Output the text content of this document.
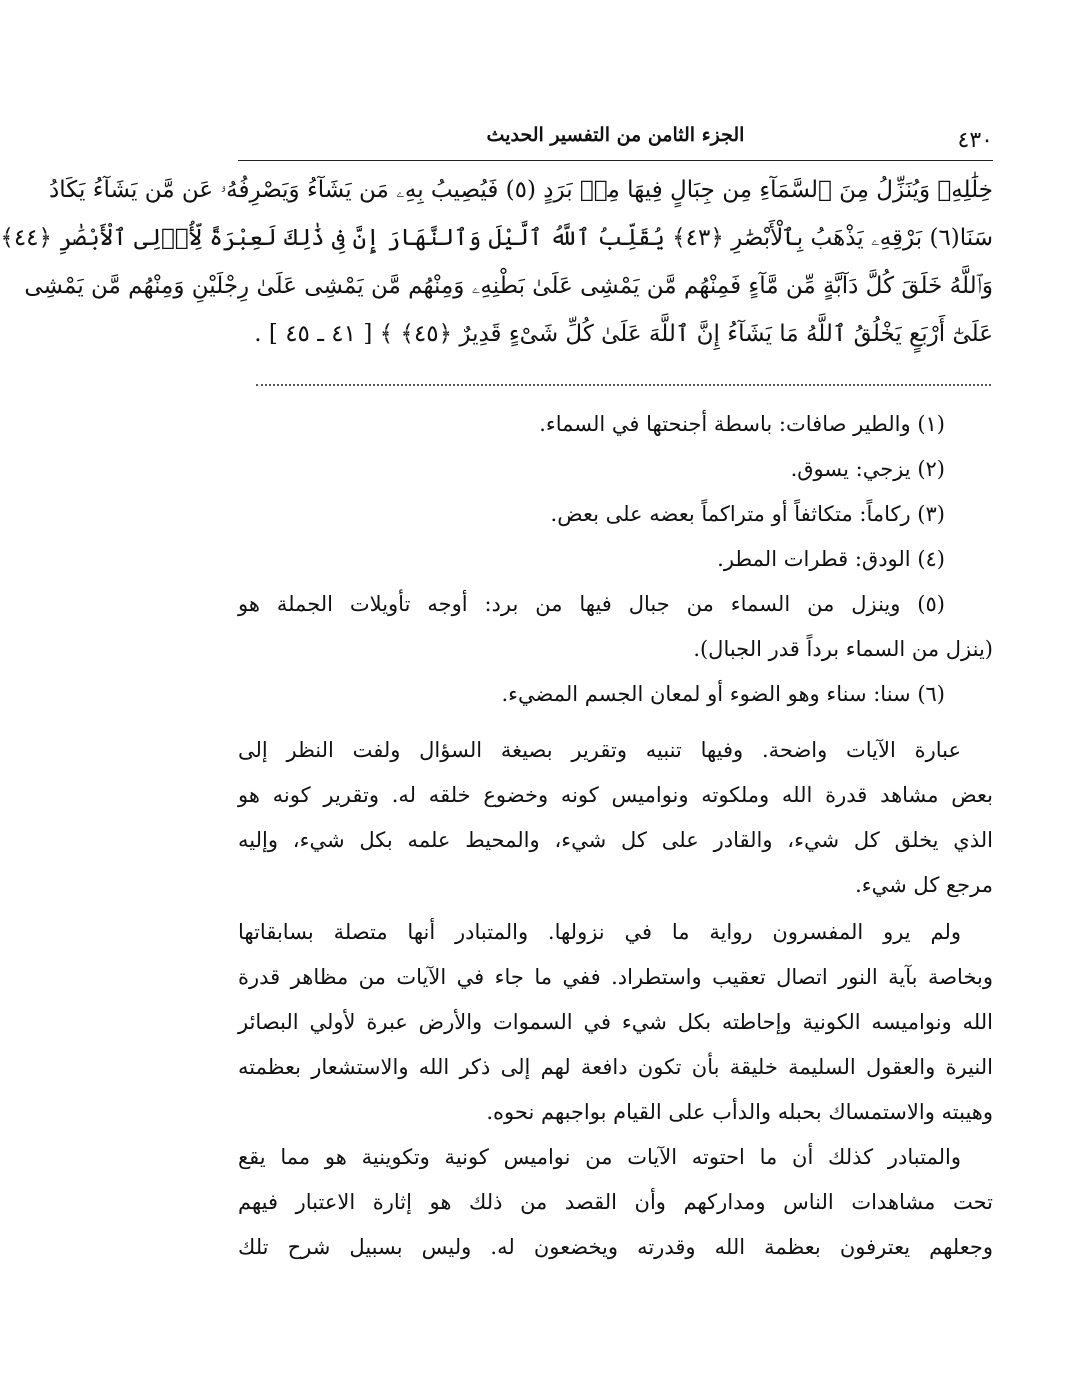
٤٣٠
الجزء الثامن من التفسير الحديث
خِلَٰلِهِۦ وَيُنَزِّلُ مِنَ ٱلسَّمَآءِ مِن جِبَالٍ فِيهَا مِنۢ بَرَدٍ (٥) فَيُصِيبُ بِهِۦ مَن يَشَآءُ وَيَصْرِفُهُۥ عَن مَّن يَشَآءُ يَكَادُ
سَنَا(٦) بَرْقِهِۦ يَذْهَبُ بِٱلْأَبْصَٰرِ ﴿٤٣﴾ يُقَلِّبُ ٱللَّهُ ٱلَّيْلَ وَٱلنَّهَارَ إِنَّ فِى ذَٰلِكَ لَعِبْرَةً لِّأُو۟لِى ٱلْأَبْصَٰرِ ﴿٤٤﴾
وَٱللَّهُ خَلَقَ كُلَّ دَآبَّةٍ مِّن مَّآءٍ فَمِنْهُم مَّن يَمْشِى عَلَىٰ بَطْنِهِۦ وَمِنْهُم مَّن يَمْشِى عَلَىٰ رِجْلَيْنِ وَمِنْهُم مَّن يَمْشِى
عَلَىٰٓ أَرْبَعٍ يَخْلُقُ ٱللَّهُ مَا يَشَآءُ إِنَّ ٱللَّهَ عَلَىٰ كُلِّ شَىْءٍ قَدِيرٌ ﴿٤٥﴾ ﴾ [ ٤١ ـ ٤٥ ] .
(١) والطير صافات: باسطة أجنحتها في السماء.
(٢) يزجي: يسوق.
(٣) ركاماً: متكاثفاً أو متراكماً بعضه على بعض.
(٤) الودق: قطرات المطر.
(٥) وينزل من السماء من جبال فيها من برد: أوجه تأويلات الجملة هو
(ينزل من السماء برداً قدر الجبال).
(٦) سنا: سناء وهو الضوء أو لمعان الجسم المضيء.
عبارة الآيات واضحة. وفيها تنبيه وتقرير بصيغة السؤال ولفت النظر إلى
بعض مشاهد قدرة الله وملكوته ونواميس كونه وخضوع خلقه له. وتقرير كونه هو
الذي يخلق كل شيء، والقادر على كل شيء، والمحيط علمه بكل شيء، وإليه
مرجع كل شيء.
ولم يرو المفسرون رواية ما في نزولها. والمتبادر أنها متصلة بسابقاتها
وبخاصة بآية النور اتصال تعقيب واستطراد. ففي ما جاء في الآيات من مظاهر قدرة
الله ونواميسه الكونية وإحاطته بكل شيء في السموات والأرض عبرة لأولي البصائر
النيرة والعقول السليمة خليقة بأن تكون دافعة لهم إلى ذكر الله والاستشعار بعظمته
وهيبته والاستمساك بحبله والدأب على القيام بواجبهم نحوه.
والمتبادر كذلك أن ما احتوته الآيات من نواميس كونية وتكوينية هو مما يقع
تحت مشاهدات الناس ومداركهم وأن القصد من ذلك هو إثارة الاعتبار فيهم
وجعلهم يعترفون بعظمة الله وقدرته ويخضعون له. وليس بسبيل شرح تلك
